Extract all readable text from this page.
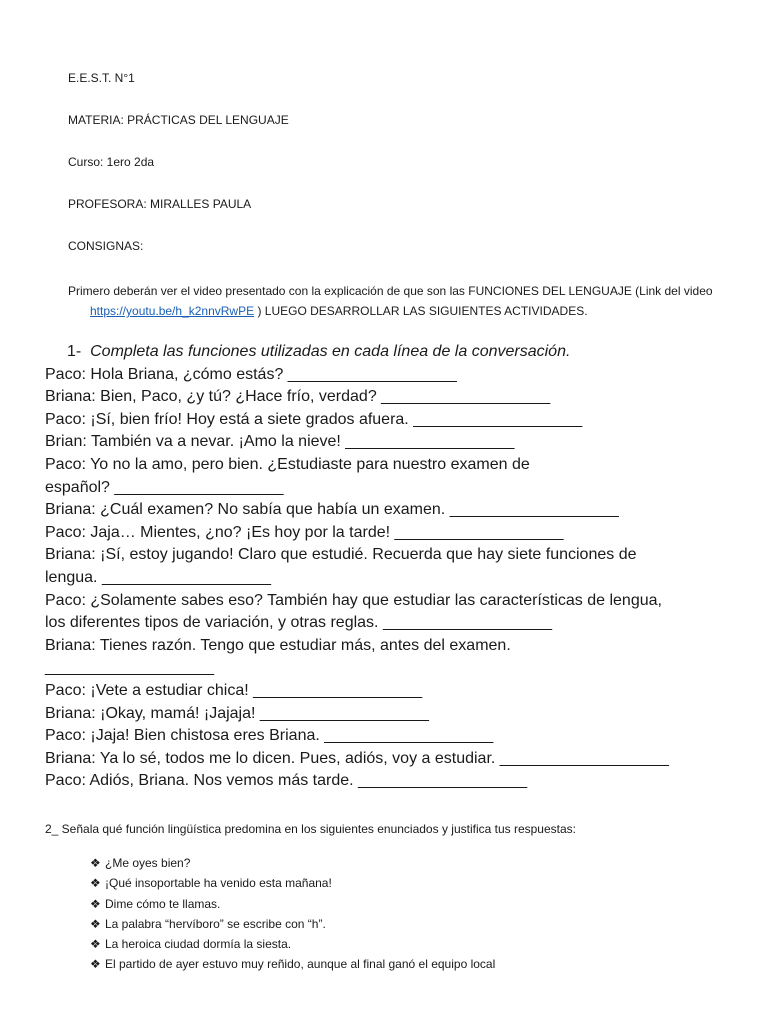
E.E.S.T. N°1
MATERIA: PRÁCTICAS DEL LENGUAJE
Curso: 1ero 2da
PROFESORA: MIRALLES PAULA
CONSIGNAS:
Primero deberán ver el video presentado con la explicación de que son las FUNCIONES DEL LENGUAJE (Link del video
https://youtu.be/h_k2nnvRwPE ) LUEGO DESARROLLAR LAS SIGUIENTES ACTIVIDADES.
1- Completa las funciones utilizadas en cada línea de la conversación.
Paco: Hola Briana, ¿cómo estás? ___________________
Briana: Bien, Paco, ¿y tú? ¿Hace frío, verdad? ___________________
Paco: ¡Sí, bien frío! Hoy está a siete grados afuera. ___________________
Brian: También va a nevar. ¡Amo la nieve! ___________________
Paco: Yo no la amo, pero bien. ¿Estudiaste para nuestro examen de
español? ___________________
Briana: ¿Cuál examen? No sabía que había un examen. ___________________
Paco: Jaja… Mientes, ¿no? ¡Es hoy por la tarde! ___________________
Briana: ¡Sí, estoy jugando! Claro que estudié. Recuerda que hay siete funciones de
lengua. ___________________
Paco: ¿Solamente sabes eso? También hay que estudiar las características de lengua,
los diferentes tipos de variación, y otras reglas. ___________________
Briana: Tienes razón. Tengo que estudiar más, antes del examen.
___________________
Paco: ¡Vete a estudiar chica! ___________________
Briana: ¡Okay, mamá! ¡Jajaja! ___________________
Paco: ¡Jaja! Bien chistosa eres Briana. ___________________
Briana: Ya lo sé, todos me lo dicen. Pues, adiós, voy a estudiar. ___________________
Paco: Adiós, Briana. Nos vemos más tarde. ___________________
2_ Señala qué función lingüística predomina en los siguientes enunciados y justifica tus respuestas:
❖ ¿Me oyes bien?
❖ ¡Qué insoportable ha venido esta mañana!
❖ Dime cómo te llamas.
❖ La palabra “hervíboro” se escribe con “h”.
❖ La heroica ciudad dormía la siesta.
❖ El partido de ayer estuvo muy reñido, aunque al final ganó el equipo local
